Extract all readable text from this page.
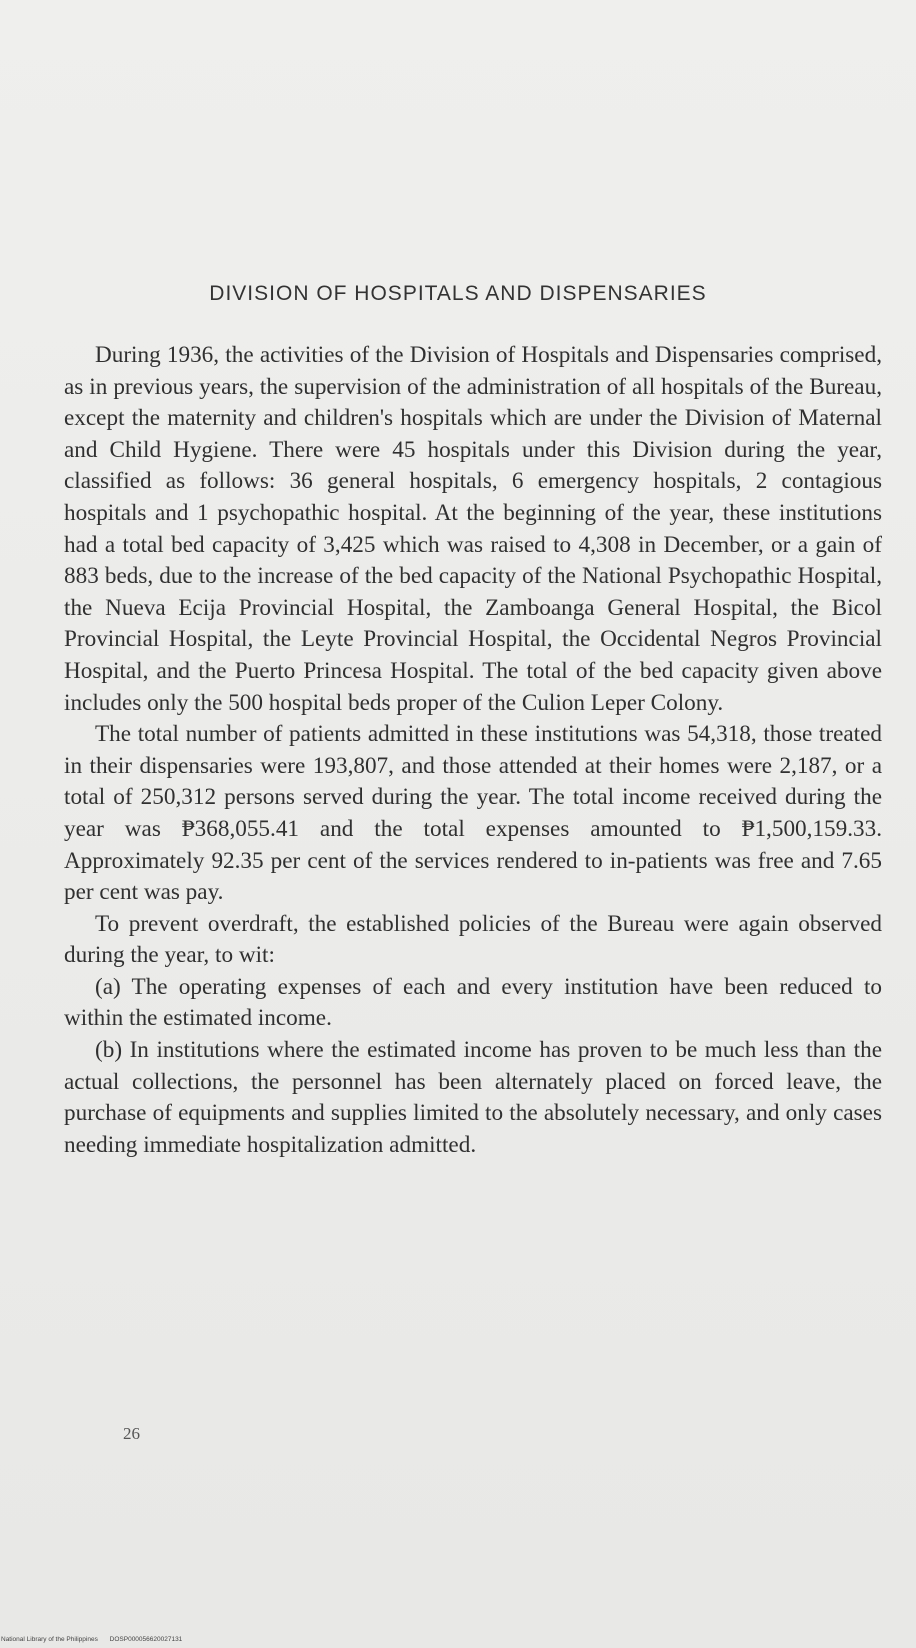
DIVISION OF HOSPITALS AND DISPENSARIES

During 1936, the activities of the Division of Hospitals and Dispensaries comprised, as in previous years, the supervision of the administration of all hospitals of the Bureau, except the maternity and children's hospitals which are under the Division of Maternal and Child Hygiene. There were 45 hospitals under this Division during the year, classified as follows: 36 general hospitals, 6 emergency hospitals, 2 contagious hospitals and 1 psychopathic hospital. At the beginning of the year, these institutions had a total bed capacity of 3,425 which was raised to 4,308 in December, or a gain of 883 beds, due to the increase of the bed capacity of the National Psychopathic Hospital, the Nueva Ecija Provincial Hospital, the Zamboanga General Hospital, the Bicol Provincial Hospital, the Leyte Provincial Hospital, the Occidental Negros Provincial Hospital, and the Puerto Princesa Hospital. The total of the bed capacity given above includes only the 500 hospital beds proper of the Culion Leper Colony.

The total number of patients admitted in these institutions was 54,318, those treated in their dispensaries were 193,807, and those attended at their homes were 2,187, or a total of 250,312 persons served during the year. The total income received during the year was ₱368,055.41 and the total expenses amounted to ₱1,500,159.33. Approximately 92.35 per cent of the services rendered to in-patients was free and 7.65 per cent was pay.

To prevent overdraft, the established policies of the Bureau were again observed during the year, to wit:

(a) The operating expenses of each and every institution have been reduced to within the estimated income.

(b) In institutions where the estimated income has proven to be much less than the actual collections, the personnel has been alternately placed on forced leave, the purchase of equipments and supplies limited to the absolutely necessary, and only cases needing immediate hospitalization admitted.

26
National Library of the Philippines DOSP000056620027131
